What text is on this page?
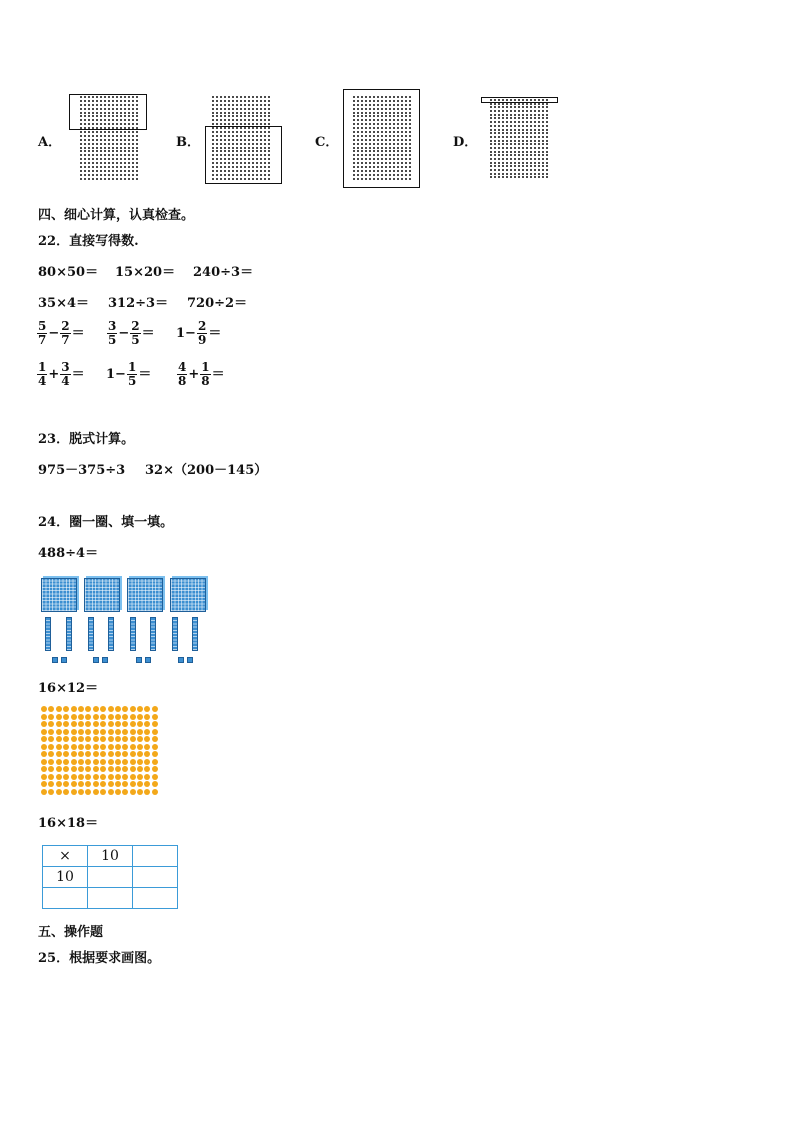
A．	B．	C．	D．
四、细心计算，认真检查。
22．直接写得数.
80×50＝ 15×20＝ 240÷3＝
35×4＝ 312÷3＝ 720÷2＝
$\frac{5}{7} - \frac{2}{7} = \frac{3}{5} - \frac{2}{5} = 1- \frac{2}{9}$ ＝
$\frac{1}{4} + \frac{3}{4} = 1- \frac{1}{5} = \frac{4}{8} + \frac{1}{8}$ ＝
23．脱式计算。
975－375÷3 32×（200－145）
24．圈一圈、填一填。
488÷4＝
16×12＝
16×18＝
×	10	
10		

五、操作题
25．根据要求画图。
